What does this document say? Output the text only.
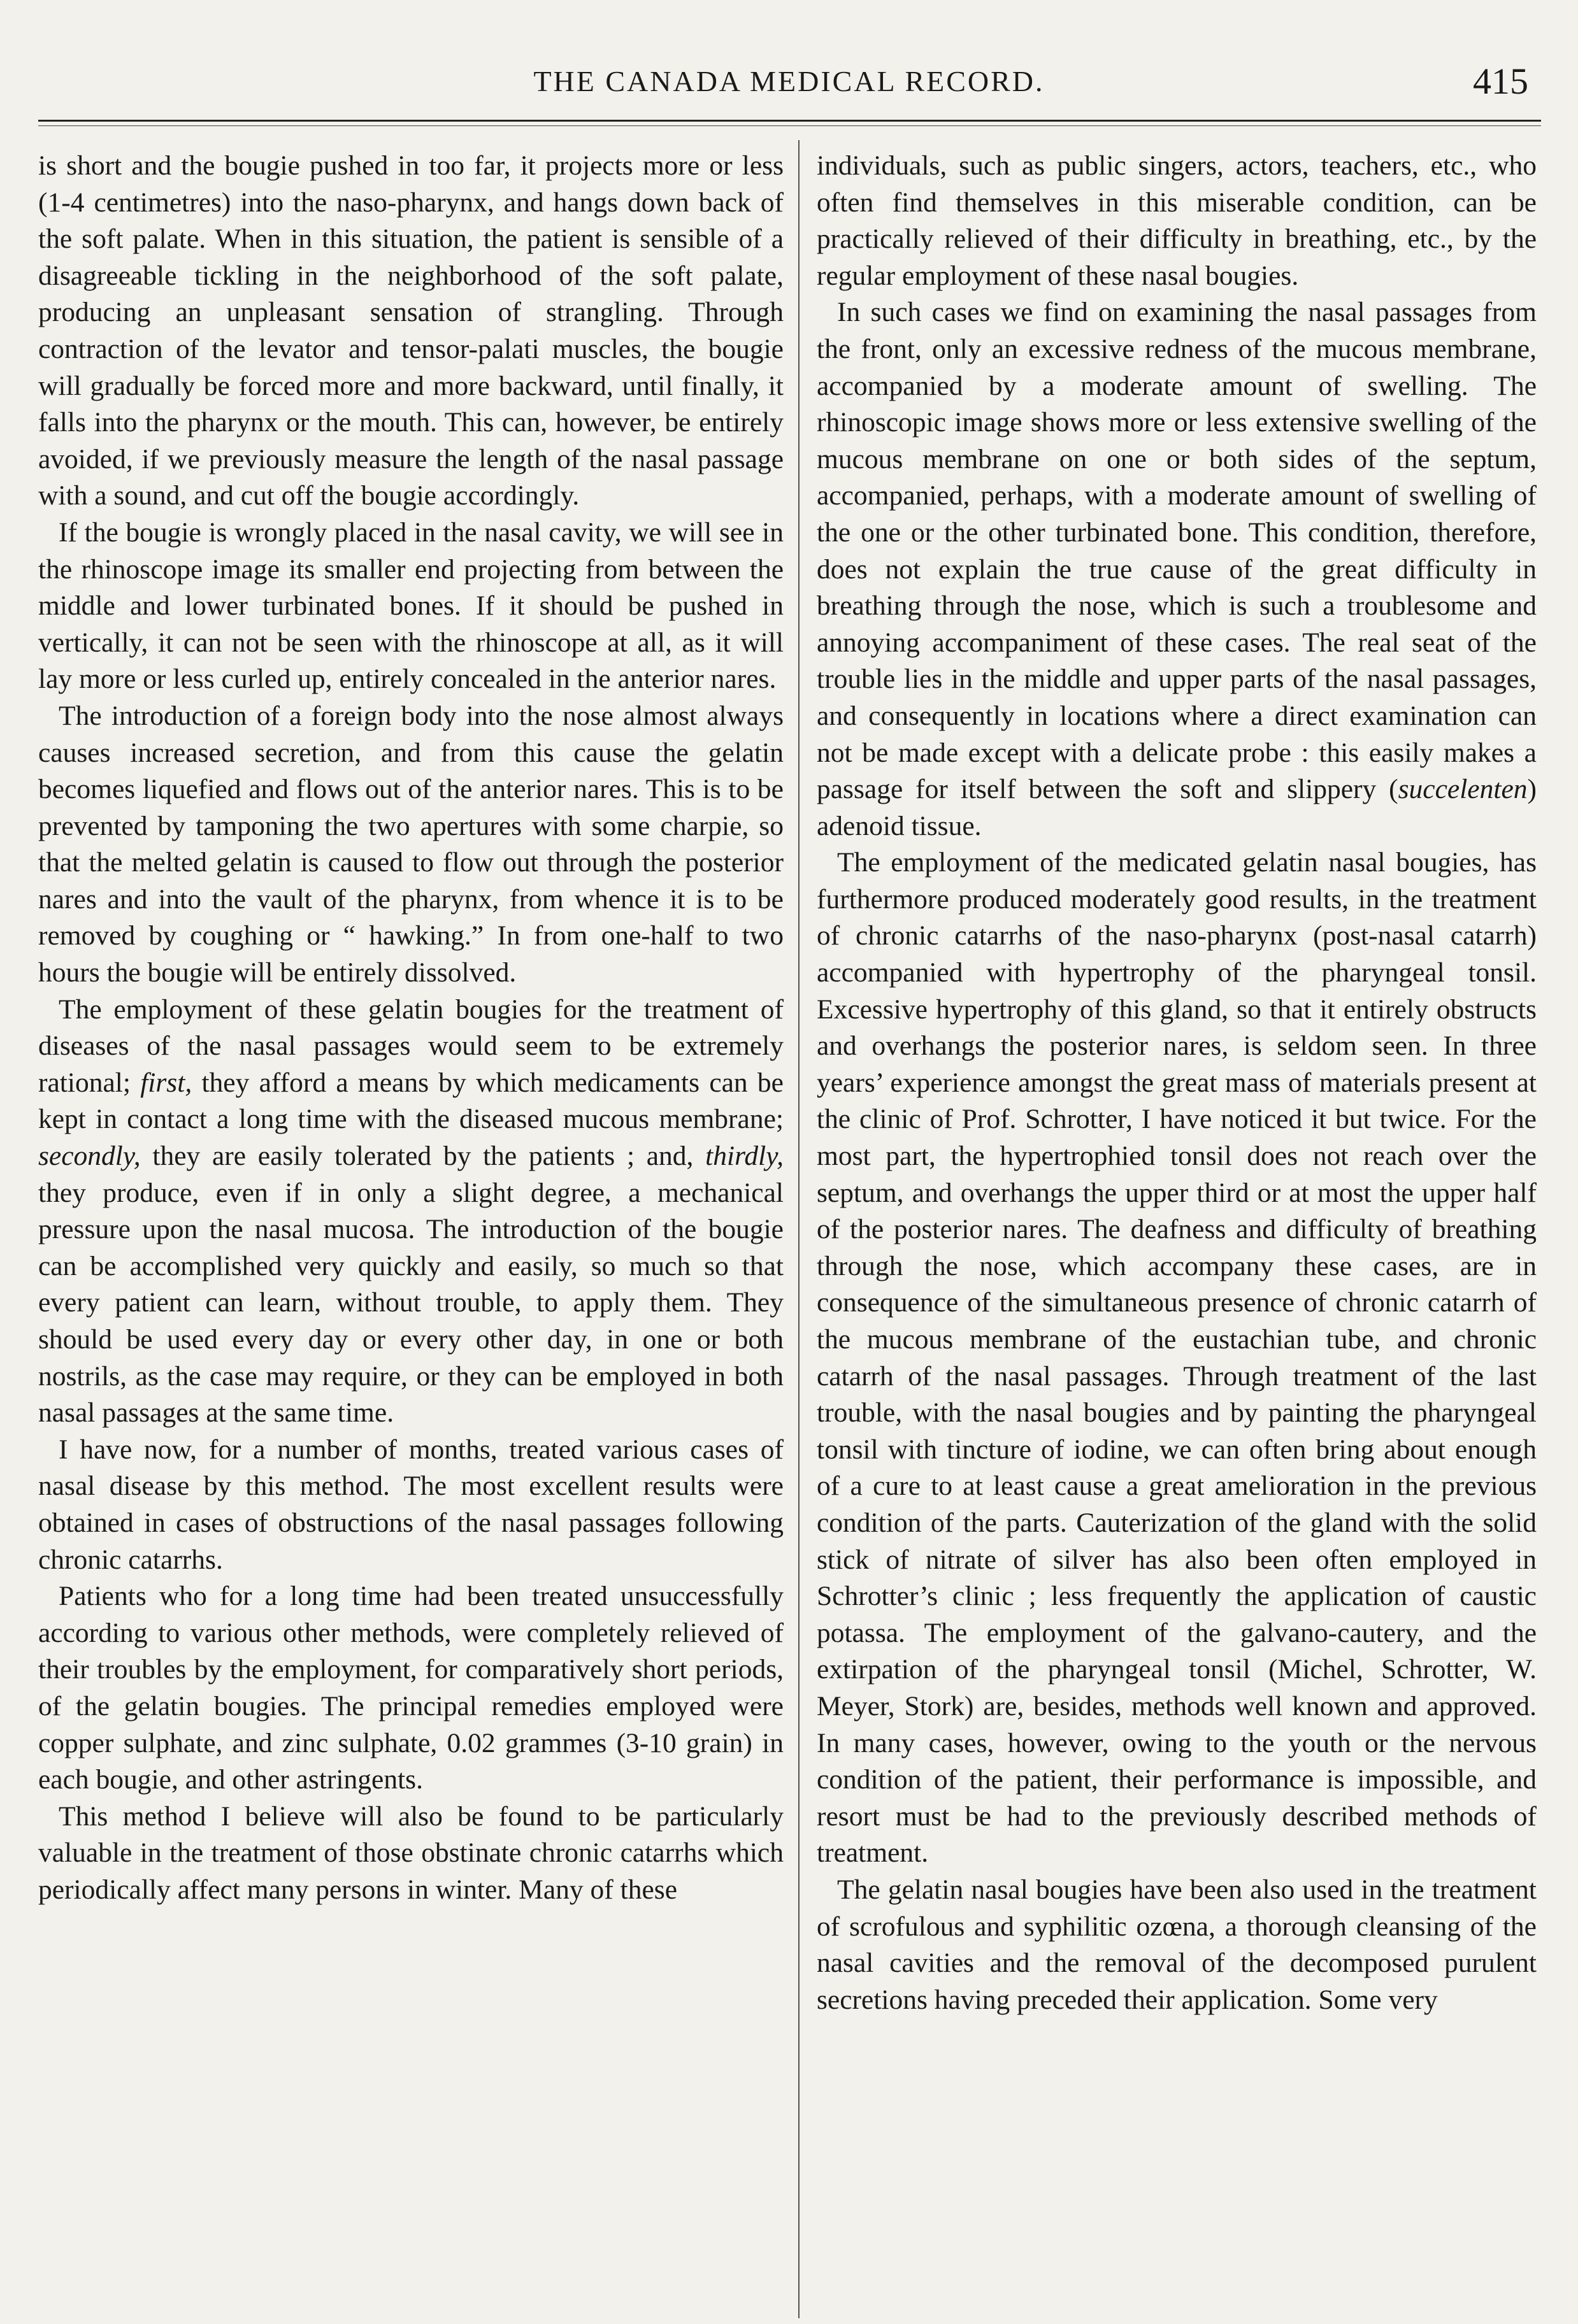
THE CANADA MEDICAL RECORD.	415

is short and the bougie pushed in too far, it projects more or less (1-4 centimetres) into the naso-pharynx, and hangs down back of the soft palate. When in this situation, the patient is sensible of a disagreeable tickling in the neighborhood of the soft palate, producing an unpleasant sensation of strangling. Through contraction of the levator and tensor-palati muscles, the bougie will gradually be forced more and more backward, until finally, it falls into the pharynx or the mouth. This can, however, be entirely avoided, if we previously measure the length of the nasal passage with a sound, and cut off the bougie accordingly.

If the bougie is wrongly placed in the nasal cavity, we will see in the rhinoscope image its smaller end projecting from between the middle and lower turbinated bones. If it should be pushed in vertically, it can not be seen with the rhinoscope at all, as it will lay more or less curled up, entirely concealed in the anterior nares.

The introduction of a foreign body into the nose almost always causes increased secretion, and from this cause the gelatin becomes liquefied and flows out of the anterior nares. This is to be prevented by tamponing the two apertures with some charpie, so that the melted gelatin is caused to flow out through the posterior nares and into the vault of the pharynx, from whence it is to be removed by coughing or “ hawking.” In from one-half to two hours the bougie will be entirely dissolved.

The employment of these gelatin bougies for the treatment of diseases of the nasal passages would seem to be extremely rational; first, they afford a means by which medicaments can be kept in contact a long time with the diseased mucous membrane; secondly, they are easily tolerated by the patients ; and, thirdly, they produce, even if in only a slight degree, a mechanical pressure upon the nasal mucosa. The introduction of the bougie can be accomplished very quickly and easily, so much so that every patient can learn, without trouble, to apply them. They should be used every day or every other day, in one or both nostrils, as the case may require, or they can be employed in both nasal passages at the same time.

I have now, for a number of months, treated various cases of nasal disease by this method. The most excellent results were obtained in cases of obstructions of the nasal passages following chronic catarrhs.

Patients who for a long time had been treated unsuccessfully according to various other methods, were completely relieved of their troubles by the employment, for comparatively short periods, of the gelatin bougies. The principal remedies employed were copper sulphate, and zinc sulphate, 0.02 grammes (3-10 grain) in each bougie, and other astringents.

This method I believe will also be found to be particularly valuable in the treatment of those obstinate chronic catarrhs which periodically affect many persons in winter. Many of these

individuals, such as public singers, actors, teachers, etc., who often find themselves in this miserable condition, can be practically relieved of their difficulty in breathing, etc., by the regular employment of these nasal bougies.

In such cases we find on examining the nasal passages from the front, only an excessive redness of the mucous membrane, accompanied by a moderate amount of swelling. The rhinoscopic image shows more or less extensive swelling of the mucous membrane on one or both sides of the septum, accompanied, perhaps, with a moderate amount of swelling of the one or the other turbinated bone. This condition, therefore, does not explain the true cause of the great difficulty in breathing through the nose, which is such a troublesome and annoying accompaniment of these cases. The real seat of the trouble lies in the middle and upper parts of the nasal passages, and consequently in locations where a direct examination can not be made except with a delicate probe : this easily makes a passage for itself between the soft and slippery (succelenten) adenoid tissue.

The employment of the medicated gelatin nasal bougies, has furthermore produced moderately good results, in the treatment of chronic catarrhs of the naso-pharynx (post-nasal catarrh) accompanied with hypertrophy of the pharyngeal tonsil. Excessive hypertrophy of this gland, so that it entirely obstructs and overhangs the posterior nares, is seldom seen. In three years’ experience amongst the great mass of materials present at the clinic of Prof. Schrotter, I have noticed it but twice. For the most part, the hypertrophied tonsil does not reach over the septum, and overhangs the upper third or at most the upper half of the posterior nares. The deafness and difficulty of breathing through the nose, which accompany these cases, are in consequence of the simultaneous presence of chronic catarrh of the mucous membrane of the eustachian tube, and chronic catarrh of the nasal passages. Through treatment of the last trouble, with the nasal bougies and by painting the pharyngeal tonsil with tincture of iodine, we can often bring about enough of a cure to at least cause a great amelioration in the previous condition of the parts. Cauterization of the gland with the solid stick of nitrate of silver has also been often employed in Schrotter’s clinic ; less frequently the application of caustic potassa. The employment of the galvano-cautery, and the extirpation of the pharyngeal tonsil (Michel, Schrotter, W. Meyer, Stork) are, besides, methods well known and approved. In many cases, however, owing to the youth or the nervous condition of the patient, their performance is impossible, and resort must be had to the previously described methods of treatment.

The gelatin nasal bougies have been also used in the treatment of scrofulous and syphilitic ozœna, a thorough cleansing of the nasal cavities and the removal of the decomposed purulent secretions having preceded their application. Some very
